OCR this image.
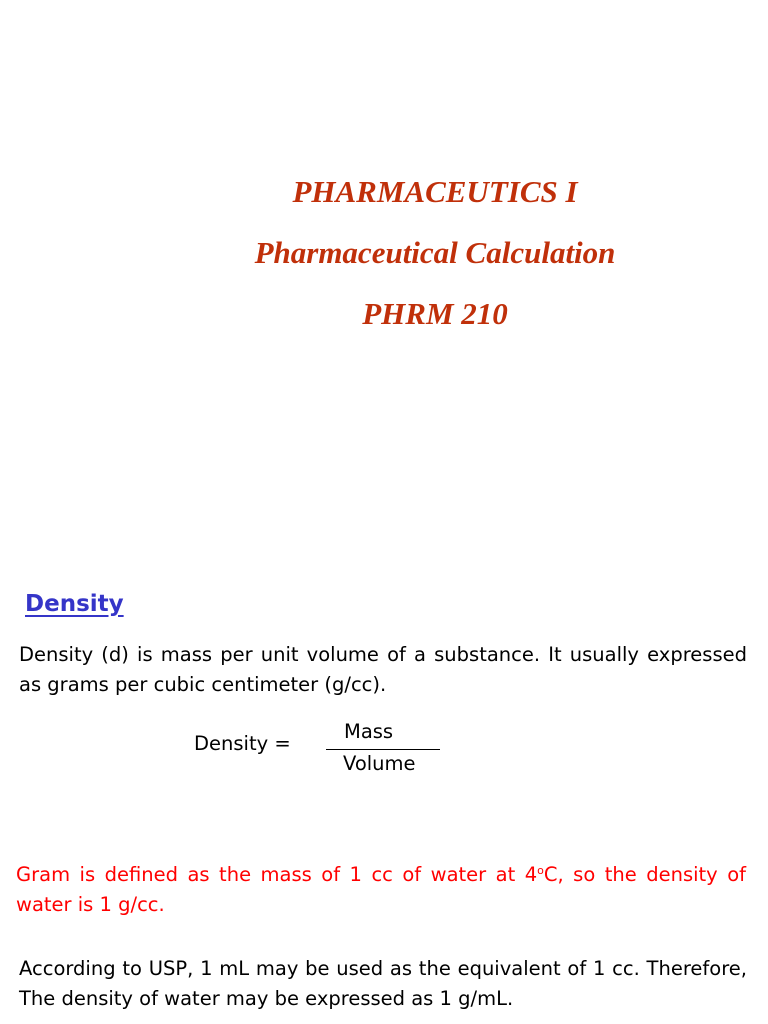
PHARMACEUTICS I
Pharmaceutical Calculation
PHRM 210
Density
Density (d) is mass per unit volume of a substance. It usually expressed as grams per cubic centimeter (g/cc).
Density =
Mass
Volume
Gram is defined as the mass of 1 cc of water at 4$^o$C, so the density of water is 1 g/cc.
According to USP, 1 mL may be used as the equivalent of 1 cc. Therefore, The density of water may be expressed as 1 g/mL.
